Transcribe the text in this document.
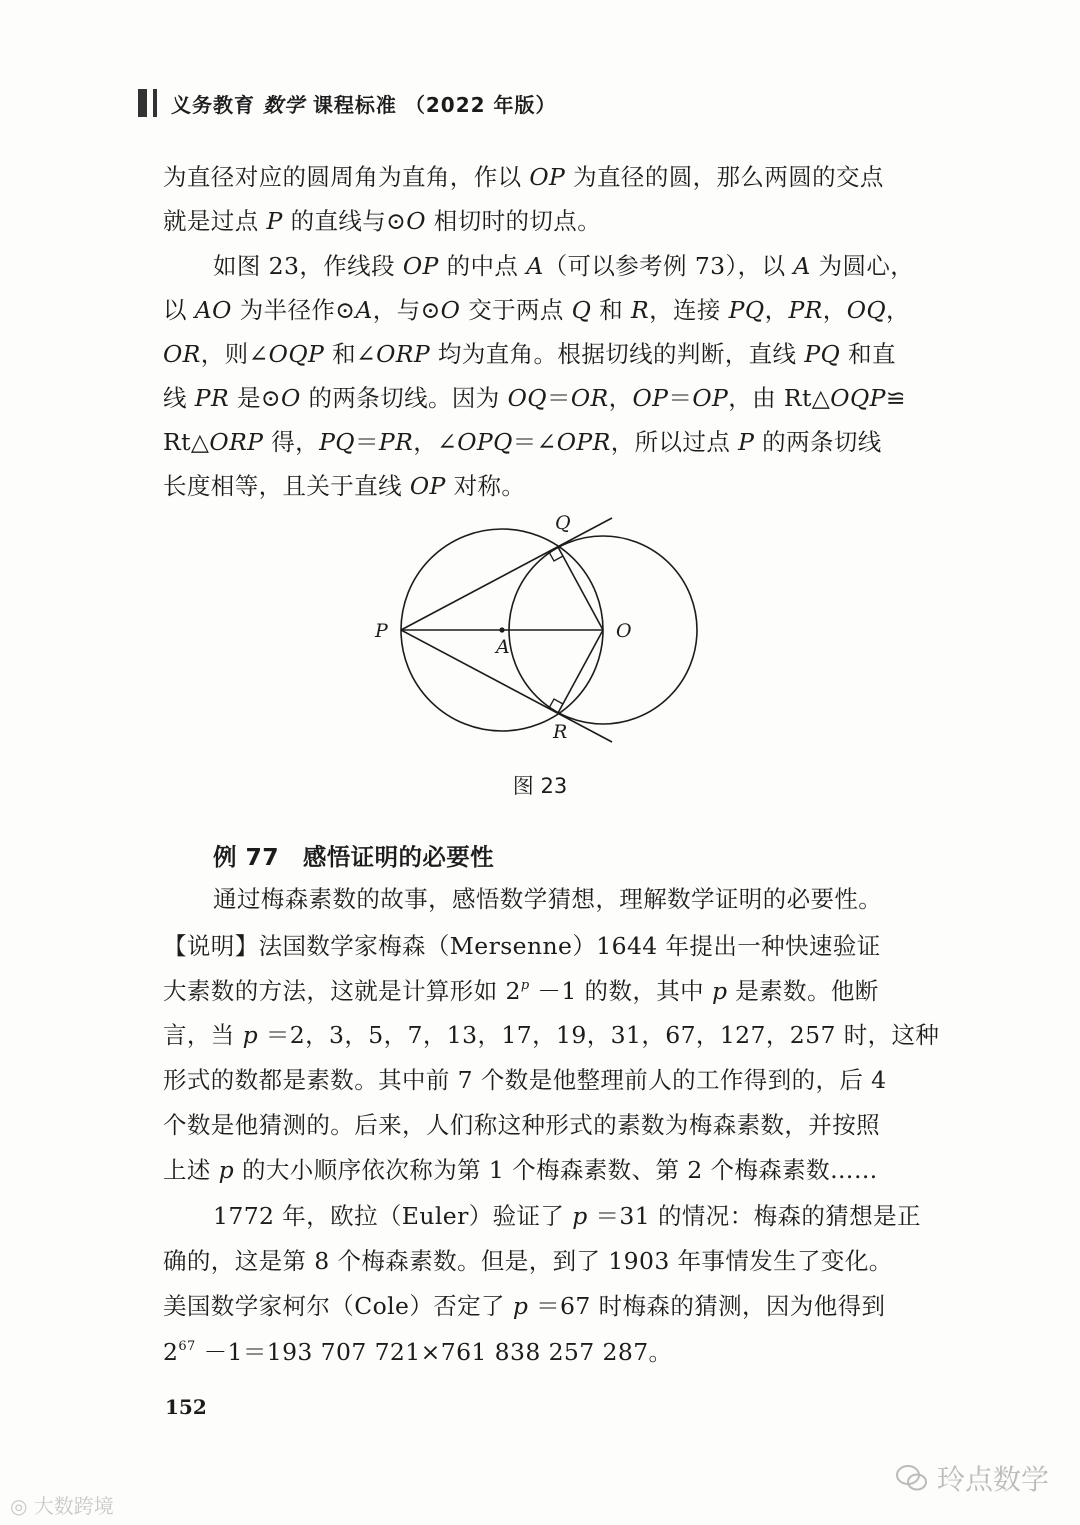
义务教育 数学 课程标准 （2022 年版）
为直径对应的圆周角为直角，作以 OP 为直径的圆，那么两圆的交点
就是过点 P 的直线与⊙O 相切时的切点。
如图 23，作线段 OP 的中点 A（可以参考例 73），以 A 为圆心，
以 AO 为半径作⊙A，与⊙O 交于两点 Q 和 R，连接 PQ，PR，OQ，
OR，则∠OQP 和∠ORP 均为直角。根据切线的判断，直线 PQ 和直
线 PR 是⊙O 的两条切线。因为 OQ＝OR，OP＝OP，由 Rt△OQP≌
Rt△ORP 得，PQ＝PR，∠OPQ＝∠OPR，所以过点 P 的两条切线
长度相等，且关于直线 OP 对称。
Q
P	O
A
R
图 23
例 77　感悟证明的必要性
通过梅森素数的故事，感悟数学猜想，理解数学证明的必要性。
【说明】法国数学家梅森（Mersenne）1644 年提出一种快速验证
大素数的方法，这就是计算形如 $2^p -1$ 的数，其中 p 是素数。他断
言，当 p ＝2，3，5，7，13，17，19，31，67，127，257 时，这种
形式的数都是素数。其中前 7 个数是他整理前人的工作得到的，后 4
个数是他猜测的。后来，人们称这种形式的素数为梅森素数，并按照
上述 p 的大小顺序依次称为第 1 个梅森素数、第 2 个梅森素数……
1772 年，欧拉（Euler）验证了 p ＝31 的情况：梅森的猜想是正
确的，这是第 8 个梅森素数。但是，到了 1903 年事情发生了变化。
美国数学家柯尔（Cole）否定了 p ＝67 时梅森的猜测，因为他得到
$2^{67} -1=193$ 707 721×761 838 257 287。
152
◎ 大数跨境
玲点数学
